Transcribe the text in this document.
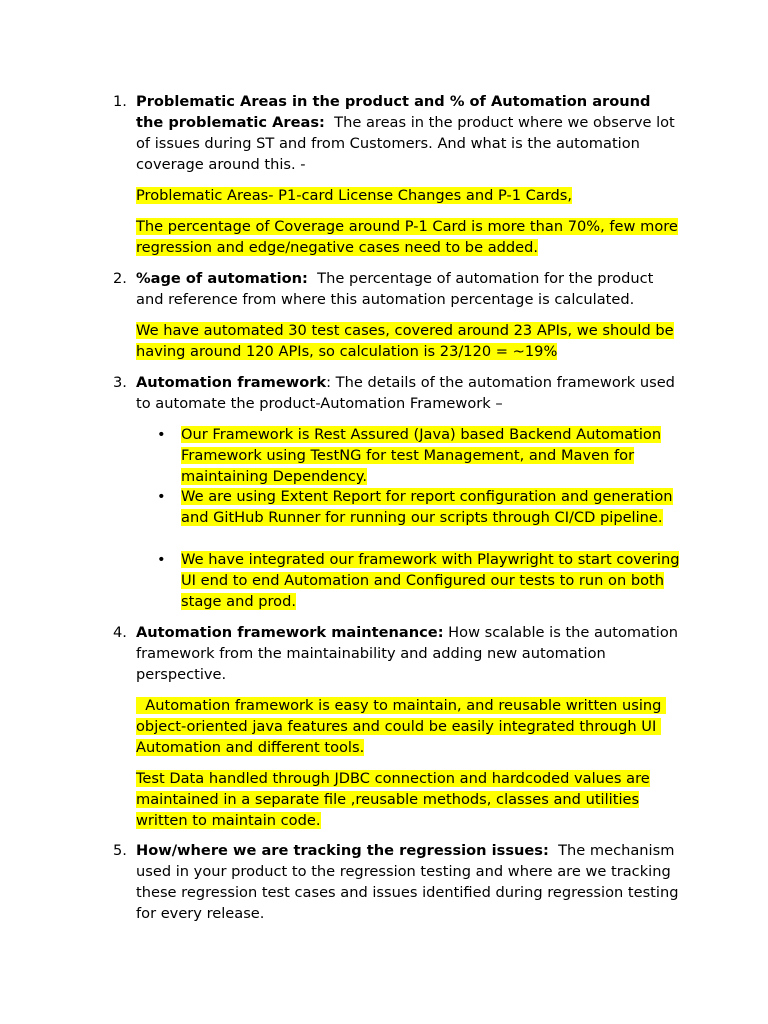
1. Problematic Areas in the product and % of Automation around the problematic Areas:  The areas in the product where we observe lot of issues during ST and from Customers. And what is the automation coverage around this. -
Problematic Areas- P1-card License Changes and P-1 Cards,
The percentage of Coverage around P-1 Card is more than 70%, few more regression and edge/negative cases need to be added.
2. %age of automation:  The percentage of automation for the product and reference from where this automation percentage is calculated.
We have automated 30 test cases, covered around 23 APIs, we should be having around 120 APIs, so calculation is 23/120 = ~19%
3. Automation framework: The details of the automation framework used to automate the product-Automation Framework –
• Our Framework is Rest Assured (Java) based Backend Automation Framework using TestNG for test Management, and Maven for maintaining Dependency.
• We are using Extent Report for report configuration and generation and GitHub Runner for running our scripts through CI/CD pipeline.
• We have integrated our framework with Playwright to start covering UI end to end Automation and Configured our tests to run on both stage and prod.
4. Automation framework maintenance: How scalable is the automation framework from the maintainability and adding new automation perspective.
Automation framework is easy to maintain, and reusable written using object-oriented java features and could be easily integrated through UI Automation and different tools.
Test Data handled through JDBC connection and hardcoded values are maintained in a separate file ,reusable methods, classes and utilities written to maintain code.
5. How/where we are tracking the regression issues:  The mechanism used in your product to the regression testing and where are we tracking these regression test cases and issues identified during regression testing for every release.
